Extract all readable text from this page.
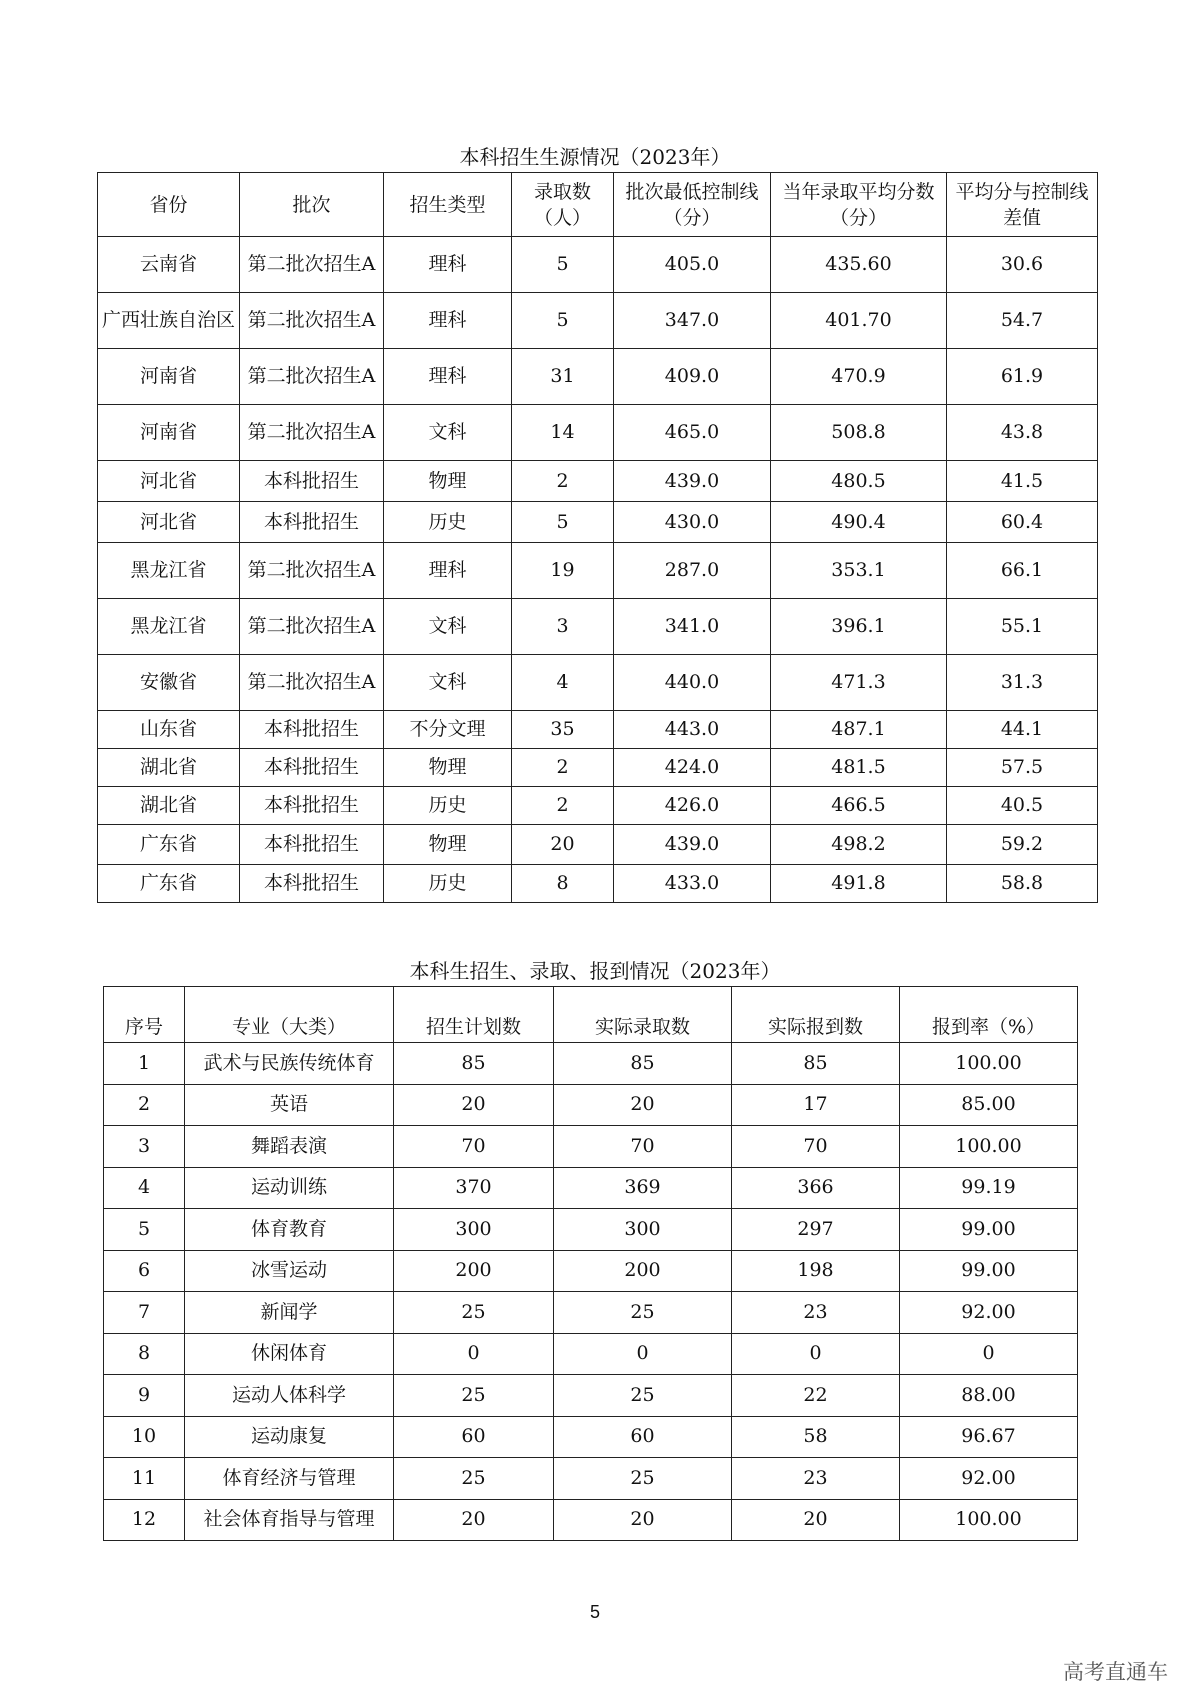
本科招生生源情况（2023年）
省份	批次	招生类型	录取数（人）	批次最低控制线（分）	当年录取平均分数（分）	平均分与控制线差值
云南省	第二批次招生A	理科	5	405.0	435.60	30.6
广西壮族自治区	第二批次招生A	理科	5	347.0	401.70	54.7
河南省	第二批次招生A	理科	31	409.0	470.9	61.9
河南省	第二批次招生A	文科	14	465.0	508.8	43.8
河北省	本科批招生	物理	2	439.0	480.5	41.5
河北省	本科批招生	历史	5	430.0	490.4	60.4
黑龙江省	第二批次招生A	理科	19	287.0	353.1	66.1
黑龙江省	第二批次招生A	文科	3	341.0	396.1	55.1
安徽省	第二批次招生A	文科	4	440.0	471.3	31.3
山东省	本科批招生	不分文理	35	443.0	487.1	44.1
湖北省	本科批招生	物理	2	424.0	481.5	57.5
湖北省	本科批招生	历史	2	426.0	466.5	40.5
广东省	本科批招生	物理	20	439.0	498.2	59.2
广东省	本科批招生	历史	8	433.0	491.8	58.8
本科生招生、录取、报到情况（2023年）
序号	专业（大类）	招生计划数	实际录取数	实际报到数	报到率（%）
1	武术与民族传统体育	85	85	85	100.00
2	英语	20	20	17	85.00
3	舞蹈表演	70	70	70	100.00
4	运动训练	370	369	366	99.19
5	体育教育	300	300	297	99.00
6	冰雪运动	200	200	198	99.00
7	新闻学	25	25	23	92.00
8	休闲体育	0	0	0	0
9	运动人体科学	25	25	22	88.00
10	运动康复	60	60	58	96.67
11	体育经济与管理	25	25	23	92.00
12	社会体育指导与管理	20	20	20	100.00
5
高考直通车
